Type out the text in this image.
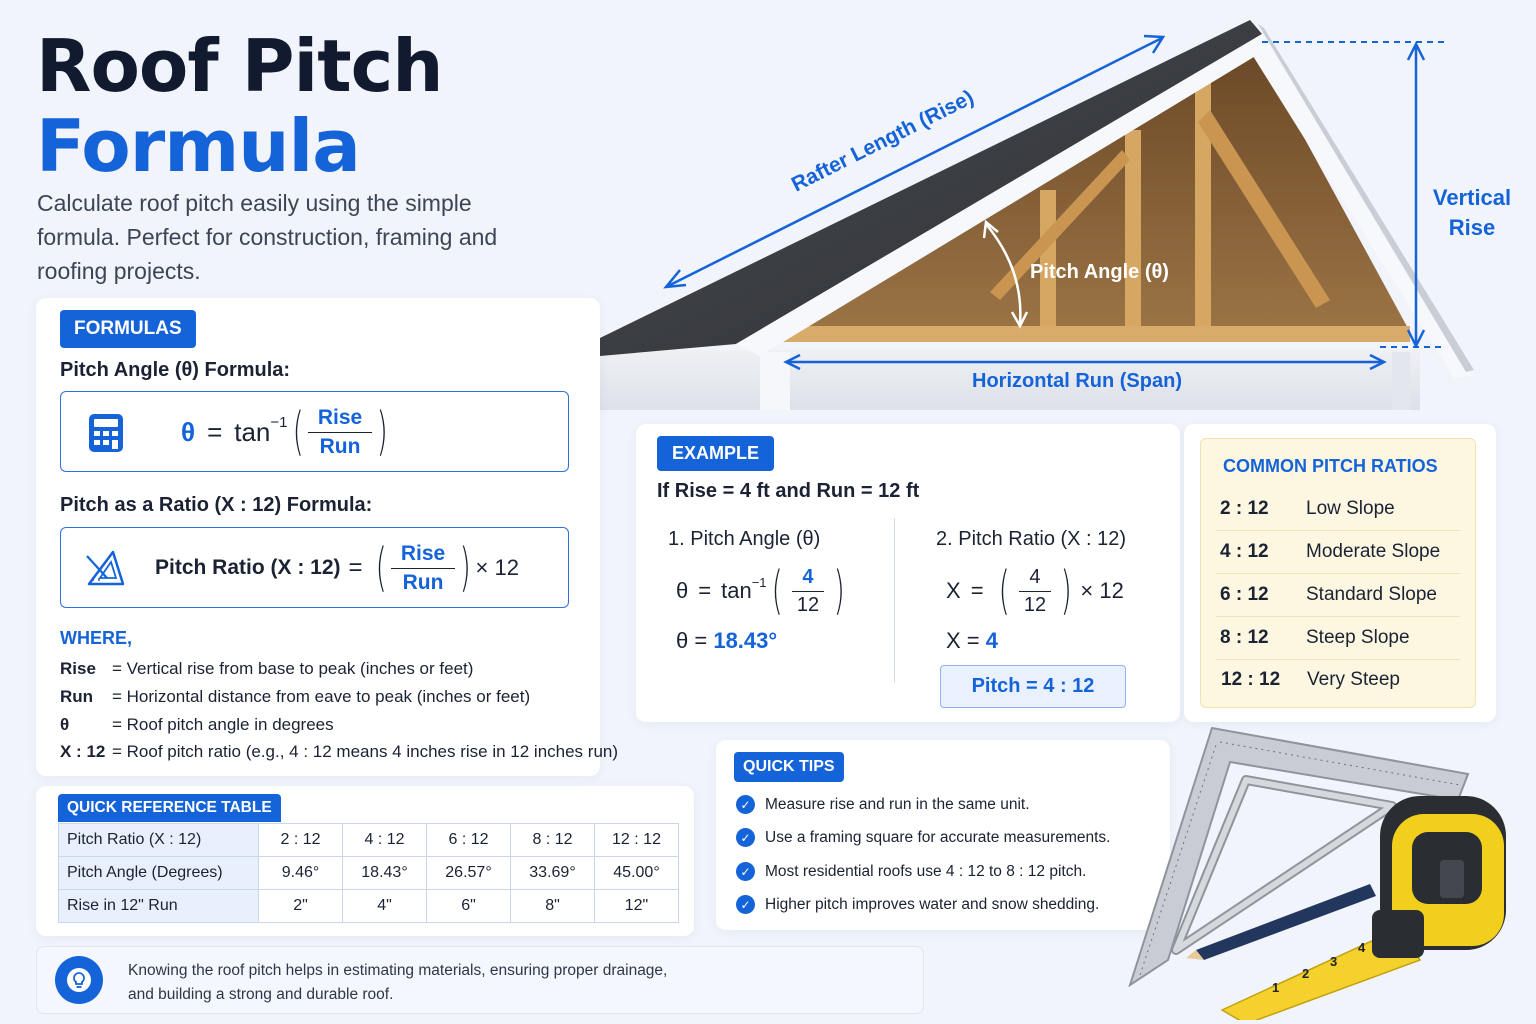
Roof Pitch
Formula

Calculate roof pitch easily using the simple formula. Perfect for construction, framing and roofing projects.

Rafter Length (Rise)
Vertical
Rise
Pitch Angle (θ)
Horizontal Run (Span)
FORMULAS
Pitch Angle (θ) Formula:
$\theta = \tan^{-1}$ ( $\frac{\text{Rise}}{\text{Run}}$ )
Pitch as a Ratio (X : 12) Formula:
Pitch Ratio (X : 12) = ( $\frac{\text{Rise}}{\text{Run}}$ ) × 12
WHERE,
Rise = Vertical rise from base to peak (inches or feet)
Run = Horizontal distance from eave to peak (inches or feet)
θ	= Roof pitch angle in degrees
X : 12 = Roof pitch ratio (e.g., 4 : 12 means 4 inches rise in 12 inches run)
EXAMPLE
If Rise = 4 ft and Run = 12 ft
1. Pitch Angle (θ)
$\theta = \tan^{-1}$ ( $\frac{4}{12}$ )
θ = 18.43°
2. Pitch Ratio (X : 12)
X = ( $\frac{4}{12}$ ) × 12
X = 4
Pitch = 4 : 12
COMMON PITCH RATIOS
2 : 12 Low Slope
4 : 12 Moderate Slope
6 : 12 Standard Slope
8 : 12 Steep Slope
12 : 12 Very Steep
QUICK REFERENCE TABLE
Pitch Ratio (X : 12)	2 : 12	4 : 12	6 : 12	8 : 12	12 : 12
Pitch Angle (Degrees)	9.46°	18.43°	26.57°	33.69°	45.00°
Rise in 12" Run	2"	4"	6"	8"	12"
QUICK TIPS
✓ Measure rise and run in the same unit.
✓ Use a framing square for accurate measurements.
✓ Most residential roofs use 4 : 12 to 8 : 12 pitch.
✓ Higher pitch improves water and snow shedding.
1
2
3
4
Knowing the roof pitch helps in estimating materials, ensuring proper drainage,
and building a strong and durable roof.
